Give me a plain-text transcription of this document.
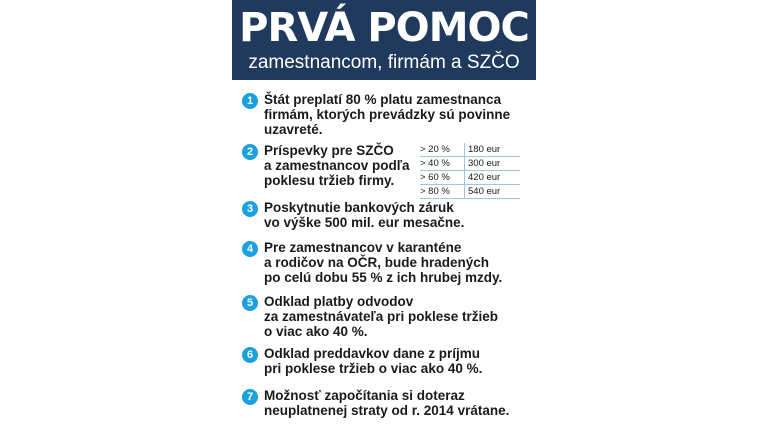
PRVÁ POMOC
zamestnancom, firmám a SZČO
1 Štát preplatí 80 % platu zamestnanca
firmám, ktorých prevádzky sú povinne
uzavreté.
2 Príspevky pre SZČO
a zamestnancov podľa
poklesu tržieb firmy.
> 20 % 180 eur
> 40 % 300 eur
> 60 % 420 eur
> 80 % 540 eur
3 Poskytnutie bankových záruk
vo výške 500 mil. eur mesačne.
4 Pre zamestnancov v karanténe
a rodičov na OČR, bude hradených
po celú dobu 55 % z ich hrubej mzdy.
5 Odklad platby odvodov
za zamestnávateľa pri poklese tržieb
o viac ako 40 %.
6 Odklad preddavkov dane z príjmu
pri poklese tržieb o viac ako 40 %.
7 Možnosť započítania si doteraz
neuplatnenej straty od r. 2014 vrátane.
